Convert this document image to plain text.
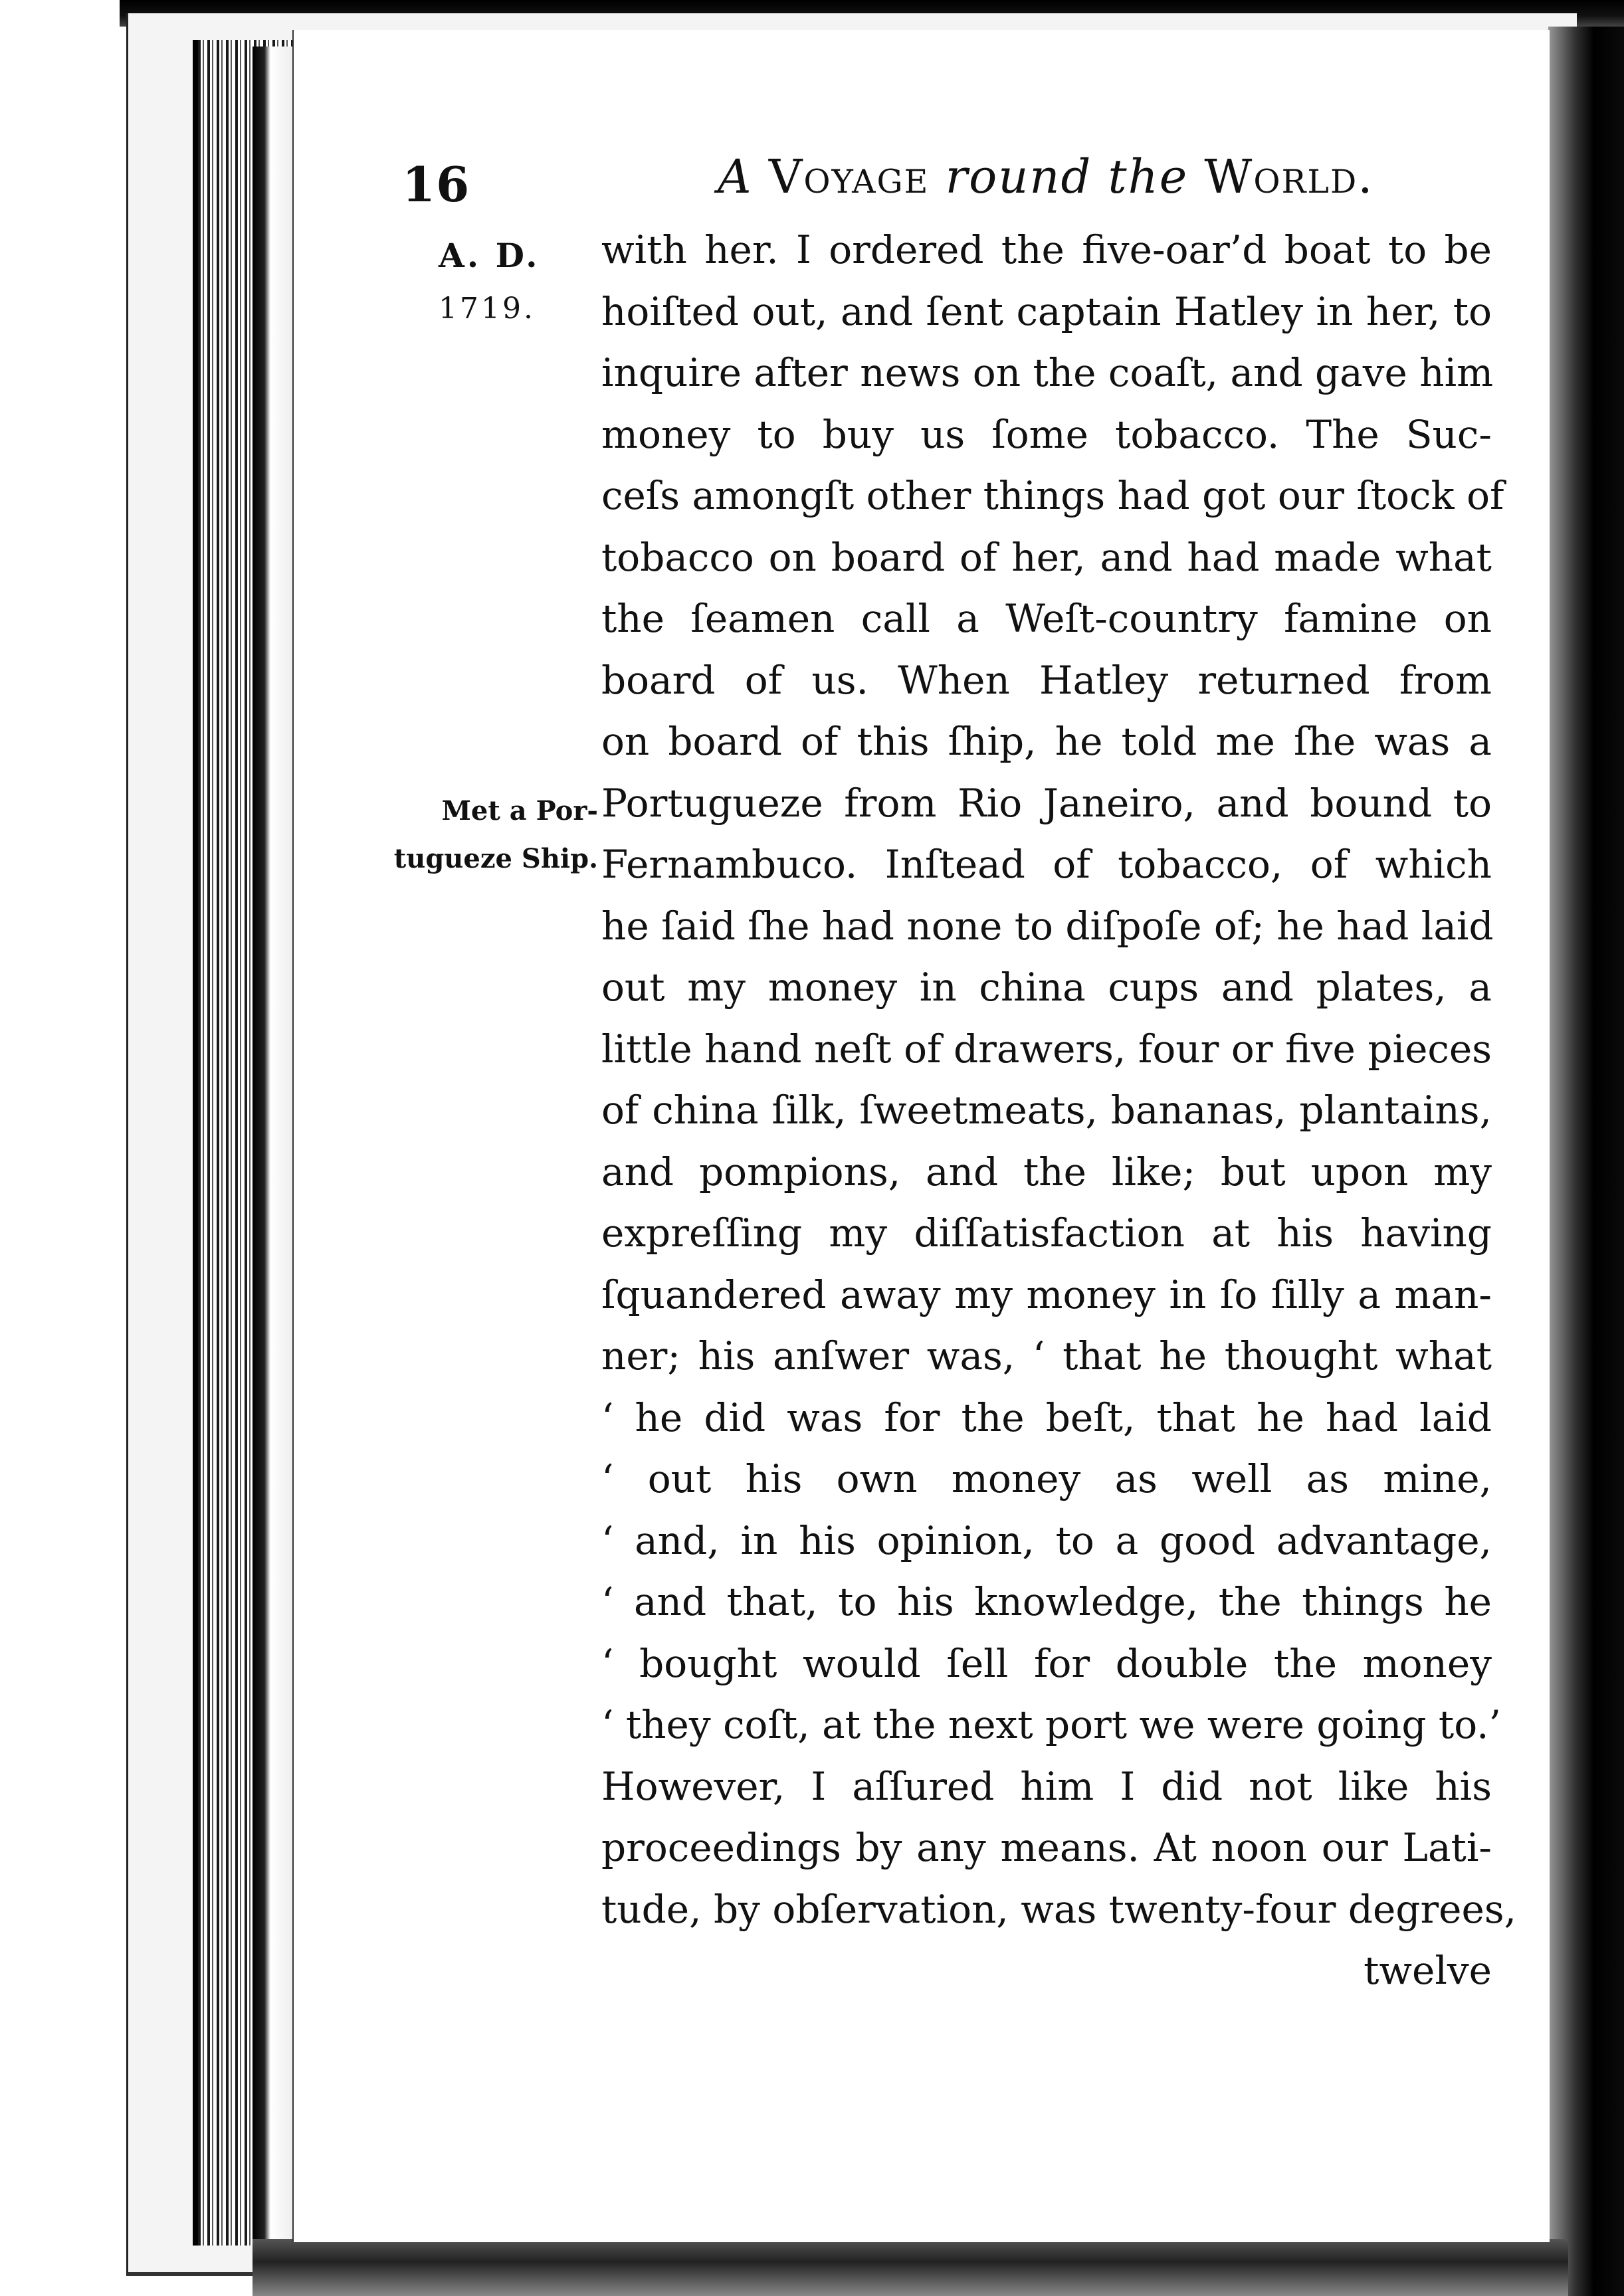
16	A Voyage round the World.
A. D.
1719.
Met a Por-
tugueze Ship.
with her. I ordered the five-oar’d boat to be
hoiſted out, and ſent captain Hatley in her, to
inquire after news on the coaſt, and gave him
money to buy us ſome tobacco. The Suc-
ceſs amongſt other things had got our ſtock of
tobacco on board of her, and had made what
the ſeamen call a Weſt-country famine on
board of us. When Hatley returned from
on board of this ſhip, he told me ſhe was a
Portugueze from Rio Janeiro, and bound to
Fernambuco. Inſtead of tobacco, of which
he ſaid ſhe had none to diſpoſe of; he had laid
out my money in china cups and plates, a
little hand neſt of drawers, four or five pieces
of china ſilk, ſweetmeats, bananas, plantains,
and pompions, and the like; but upon my
expreſſing my diſſatisfaction at his having
ſquandered away my money in ſo ſilly a man-
ner; his anſwer was, ‘ that he thought what
‘ he did was for the beſt, that he had laid
‘ out his own money as well as mine,
‘ and, in his opinion, to a good advantage,
‘ and that, to his knowledge, the things he
‘ bought would ſell for double the money
‘ they coſt, at the next port we were going to.’
However, I aſſured him I did not like his
proceedings by any means. At noon our Lati-
tude, by obſervation, was twenty-four degrees,
twelve
